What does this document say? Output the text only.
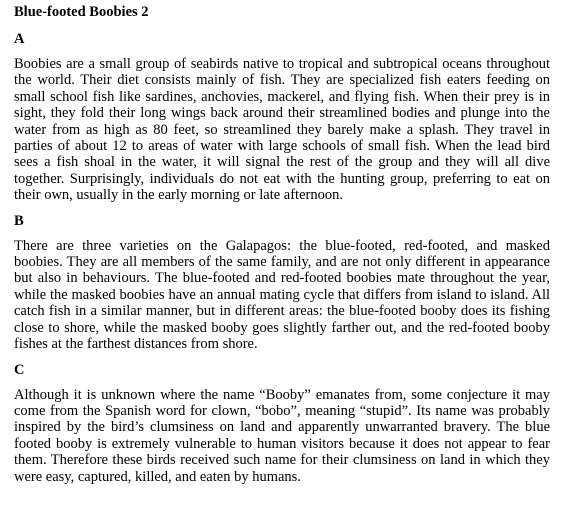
Blue-footed Boobies 2
A

Boobies are a small group of seabirds native to tropical and subtropical oceans throughout the world. Their diet consists mainly of fish. They are specialized fish eaters feeding on small school fish like sardines, anchovies, mackerel, and flying fish. When their prey is in sight, they fold their long wings back around their streamlined bodies and plunge into the water from as high as 80 feet, so streamlined they barely make a splash. They travel in parties of about 12 to areas of water with large schools of small fish. When the lead bird sees a fish shoal in the water, it will signal the rest of the group and they will all dive together. Surprisingly, individuals do not eat with the hunting group, preferring to eat on their own, usually in the early morning or late afternoon.

B

There are three varieties on the Galapagos: the blue-footed, red-footed, and masked boobies. They are all members of the same family, and are not only different in appearance but also in behaviours. The blue-footed and red-footed boobies mate throughout the year, while the masked boobies have an annual mating cycle that differs from island to island. All catch fish in a similar manner, but in different areas: the blue-footed booby does its fishing close to shore, while the masked booby goes slightly farther out, and the red-footed booby fishes at the farthest distances from shore.

C

Although it is unknown where the name “Booby” emanates from, some conjecture it may come from the Spanish word for clown, “bobo”, meaning “stupid”. Its name was probably inspired by the bird’s clumsiness on land and apparently unwarranted bravery. The blue footed booby is extremely vulnerable to human visitors because it does not appear to fear them. Therefore these birds received such name for their clumsiness on land in which they were easy, captured, killed, and eaten by humans.
